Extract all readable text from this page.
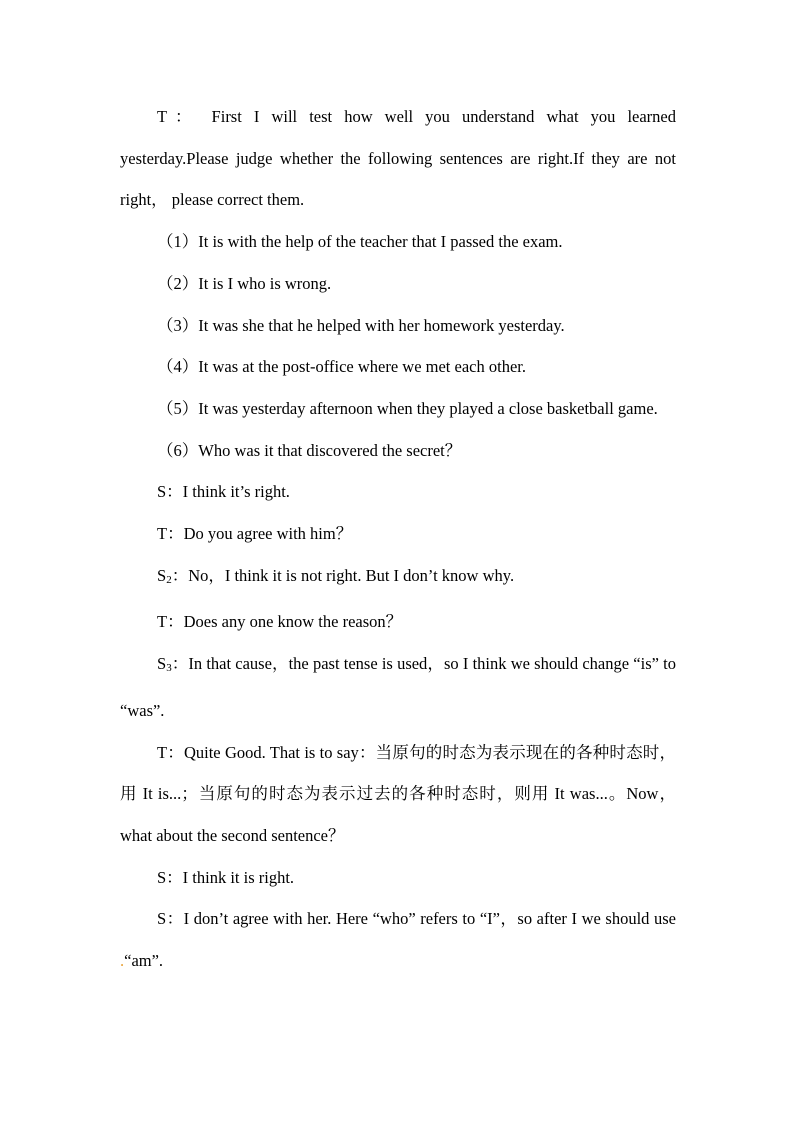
T： First I will test how well you understand what you learned yesterday.Please judge whether the following sentences are right.If they are not right， please correct them.

（1）It is with the help of the teacher that I passed the exam.

（2）It is I who is wrong.

（3）It was she that he helped with her homework yesterday.

（4）It was at the post-office where we met each other.

（5）It was yesterday afternoon when they played a close basketball game.

（6）Who was it that discovered the secret？

S：I think it’s right.

T：Do you agree with him？

S2：No，I think it is not right. But I don’t know why.

T：Does any one know the reason？

S3：In that cause，the past tense is used，so I think we should change “is” to “was”.

T：Quite Good. That is to say：当原句的时态为表示现在的各种时态时，用 It is...；当原句的时态为表示过去的各种时态时，则用 It was...。Now，what about the second sentence？

S：I think it is right.

S：I don’t agree with her. Here “who” refers to “I”，so after I we should use .“am”.
